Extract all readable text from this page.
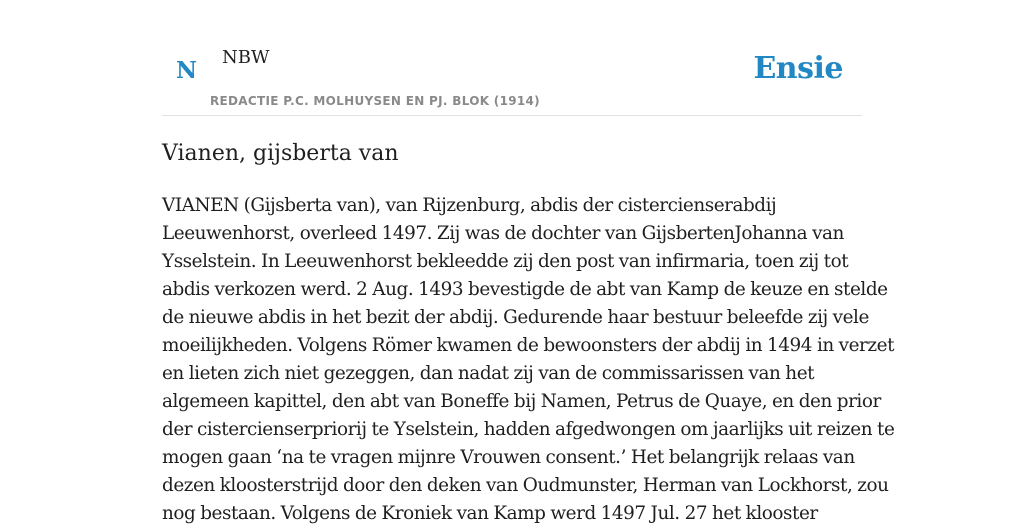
N NBW
REDACTIE P.C. MOLHUYSEN EN PJ. BLOK (1914)
Ensie
Vianen, gijsberta van
VIANEN (Gijsberta van), van Rijzenburg, abdis der cistercienserabdij
Leeuwenhorst, overleed 1497. Zij was de dochter van GijsbertenJohanna van
Ysselstein. In Leeuwenhorst bekleedde zij den post van infirmaria, toen zij tot
abdis verkozen werd. 2 Aug. 1493 bevestigde de abt van Kamp de keuze en stelde
de nieuwe abdis in het bezit der abdij. Gedurende haar bestuur beleefde zij vele
moeilijkheden. Volgens Römer kwamen de bewoonsters der abdij in 1494 in verzet
en lieten zich niet gezeggen, dan nadat zij van de commissarissen van het
algemeen kapittel, den abt van Boneffe bij Namen, Petrus de Quaye, en den prior
der cistercienserpriorij te Yselstein, hadden afgedwongen om jaarlijks uit reizen te
mogen gaan ‘na te vragen mijnre Vrouwen consent.’ Het belangrijk relaas van
dezen kloosterstrijd door den deken van Oudmunster, Herman van Lockhorst, zou
nog bestaan. Volgens de Kroniek van Kamp werd 1497 Jul. 27 het klooster
